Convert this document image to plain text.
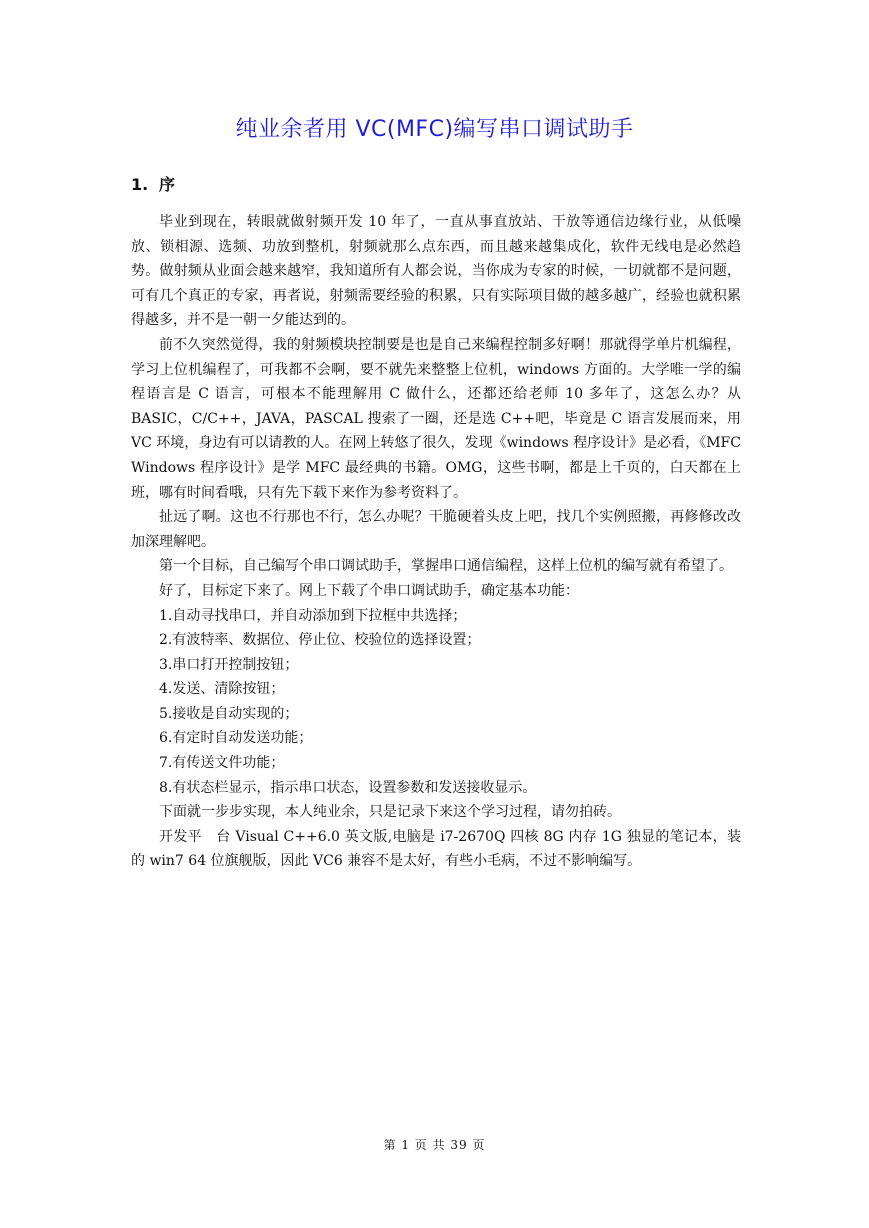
纯业余者用 VC(MFC)编写串口调试助手
1. 序

毕业到现在，转眼就做射频开发 10 年了，一直从事直放站、干放等通信边缘行业，从低噪放、锁相源、选频、功放到整机，射频就那么点东西，而且越来越集成化，软件无线电是必然趋势。做射频从业面会越来越窄，我知道所有人都会说，当你成为专家的时候，一切就都不是问题，可有几个真正的专家，再者说，射频需要经验的积累，只有实际项目做的越多越广，经验也就积累得越多，并不是一朝一夕能达到的。

前不久突然觉得，我的射频模块控制要是也是自己来编程控制多好啊！那就得学单片机编程，学习上位机编程了，可我都不会啊，要不就先来整整上位机，windows 方面的。大学唯一学的编程语言是 C 语言，可根本不能理解用 C 做什么，还都还给老师 10 多年了，这怎么办？从 BASIC，C/C++，JAVA，PASCAL 搜索了一圈，还是选 C++吧，毕竟是 C 语言发展而来，用 VC 环境，身边有可以请教的人。在网上转悠了很久，发现《windows 程序设计》是必看，《MFC Windows 程序设计》是学 MFC 最经典的书籍。OMG，这些书啊，都是上千页的，白天都在上班，哪有时间看哦，只有先下载下来作为参考资料了。

扯远了啊。这也不行那也不行，怎么办呢？干脆硬着头皮上吧，找几个实例照搬，再修修改改加深理解吧。

第一个目标，自己编写个串口调试助手，掌握串口通信编程，这样上位机的编写就有希望了。

好了，目标定下来了。网上下载了个串口调试助手，确定基本功能：

1.自动寻找串口，并自动添加到下拉框中共选择；

2.有波特率、数据位、停止位、校验位的选择设置；

3.串口打开控制按钮；

4.发送、清除按钮；

5.接收是自动实现的；

6.有定时自动发送功能；

7.有传送文件功能；

8.有状态栏显示，指示串口状态，设置参数和发送接收显示。

下面就一步步实现，本人纯业余，只是记录下来这个学习过程，请勿拍砖。

开发平　台 Visual C++6.0 英文版,电脑是 i7-2670Q 四核 8G 内存 1G 独显的笔记本，装的 win7 64 位旗舰版，因此 VC6 兼容不是太好，有些小毛病，不过不影响编写。

第 1 页 共 39 页
